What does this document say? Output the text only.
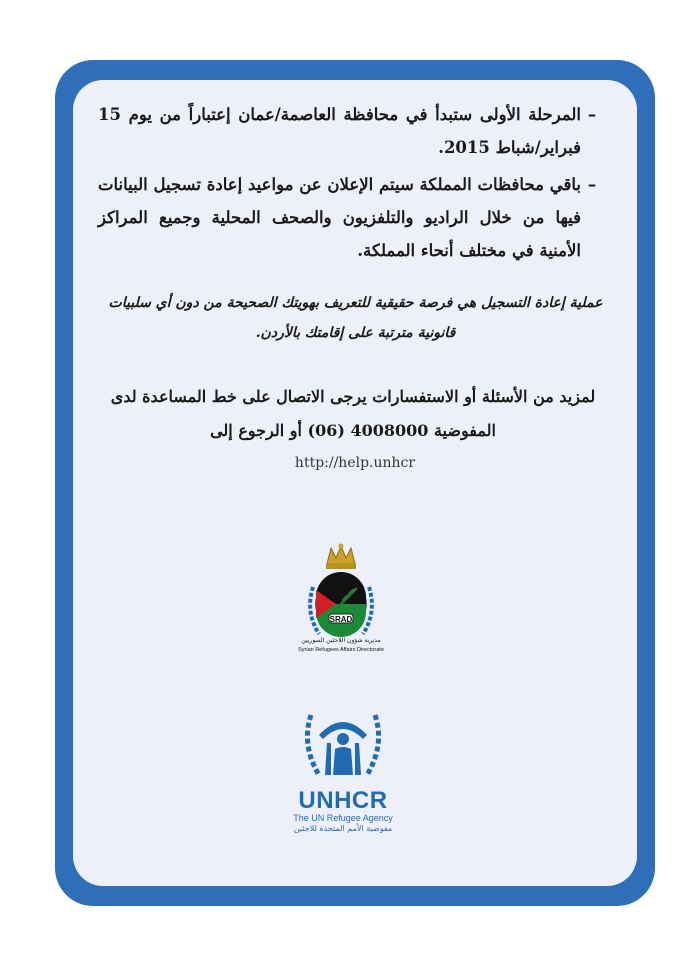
–
المرحلة الأولى ستبدأ في محافظة العاصمة/عمان إعتباراً من يوم 15 فبراير/شباط 2015.
–
باقي محافظات المملكة سيتم الإعلان عن مواعيد إعادة تسجيل البيانات فيها من خلال الراديو والتلفزيون والصحف المحلية وجميع المراكز الأمنية في مختلف أنحاء المملكة.
عملية إعادة التسجيل هي فرصة حقيقية للتعريف بهويتك الصحيحة من دون أي سلبيات قانونية مترتبة على إقامتك بالأردن.
لمزيد من الأسئلة أو الاستفسارات يرجى الاتصال على خط المساعدة لدى المفوضية 4008000 (06) أو الرجوع إلى
http://help.unhcr
SRAD
مديرية شؤون اللاجئين السوريين
Syrian Refugees Affairs Directorate
UNHCR
The UN Refugee Agency
مفوضية الأمم المتحدة للاجئين
